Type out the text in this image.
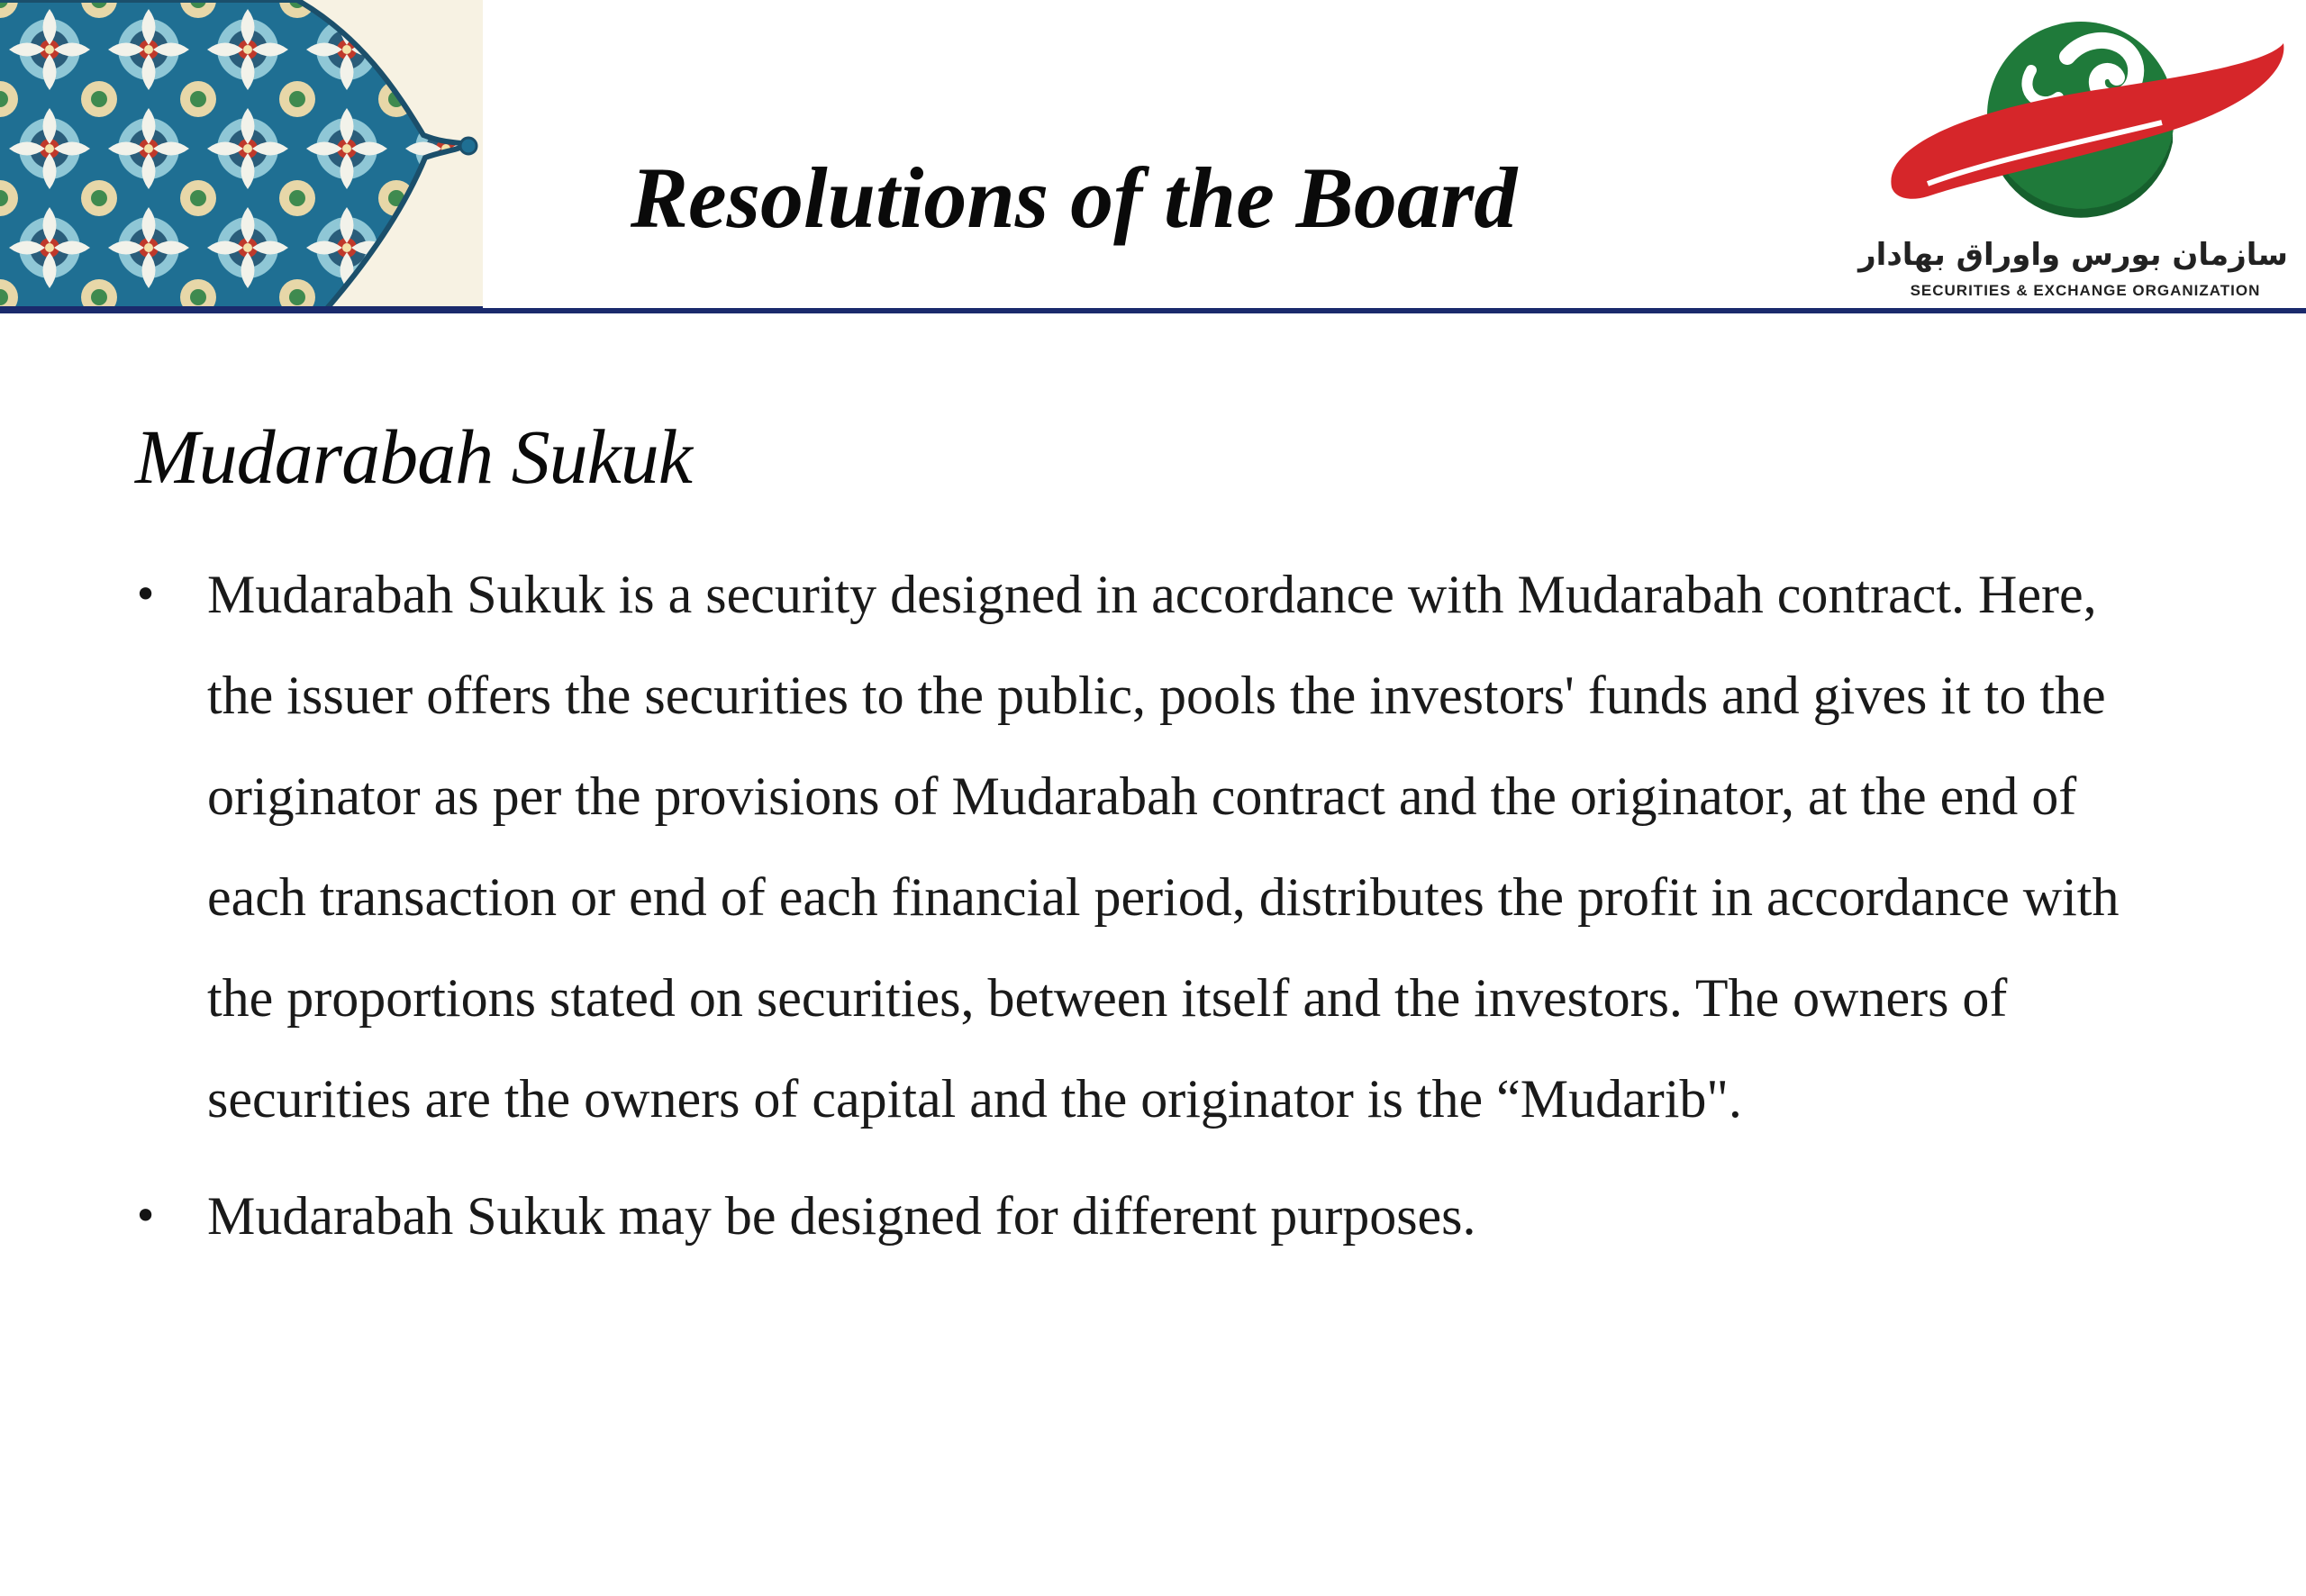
Resolutions of the Board
سازمان بورس واوراق بهادار
SECURITIES & EXCHANGE ORGANIZATION
Mudarabah Sukuk
• Mudarabah Sukuk is a security designed in accordance with Mudarabah contract. Here, the issuer offers the securities to the public, pools the investors' funds and gives it to the originator as per the provisions of Mudarabah contract and the originator, at the end of each transaction or end of each financial period, distributes the profit in accordance with the proportions stated on securities, between itself and the investors. The owners of securities are the owners of capital and the originator is the “Mudarib".
• Mudarabah Sukuk may be designed for different purposes.
